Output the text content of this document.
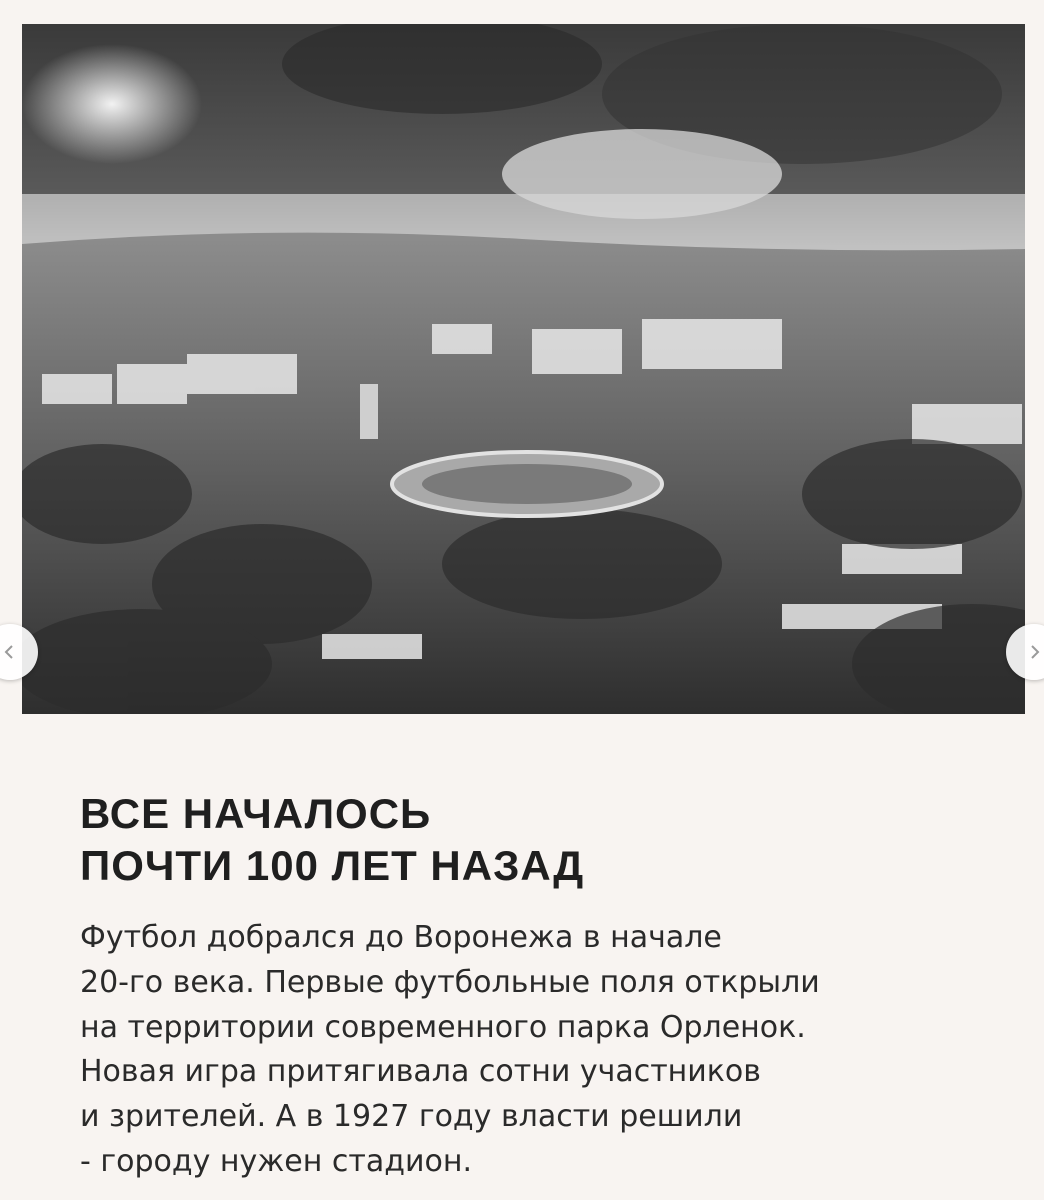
ВСЕ НАЧАЛОСЬ
ПОЧТИ 100 ЛЕТ НАЗАД
Футбол добрался до Воронежа в начале
20-го века. Первые футбольные поля открыли
на территории современного парка Орленок.
Новая игра притягивала сотни участников
и зрителей. А в 1927 году власти решили
- городу нужен стадион.
